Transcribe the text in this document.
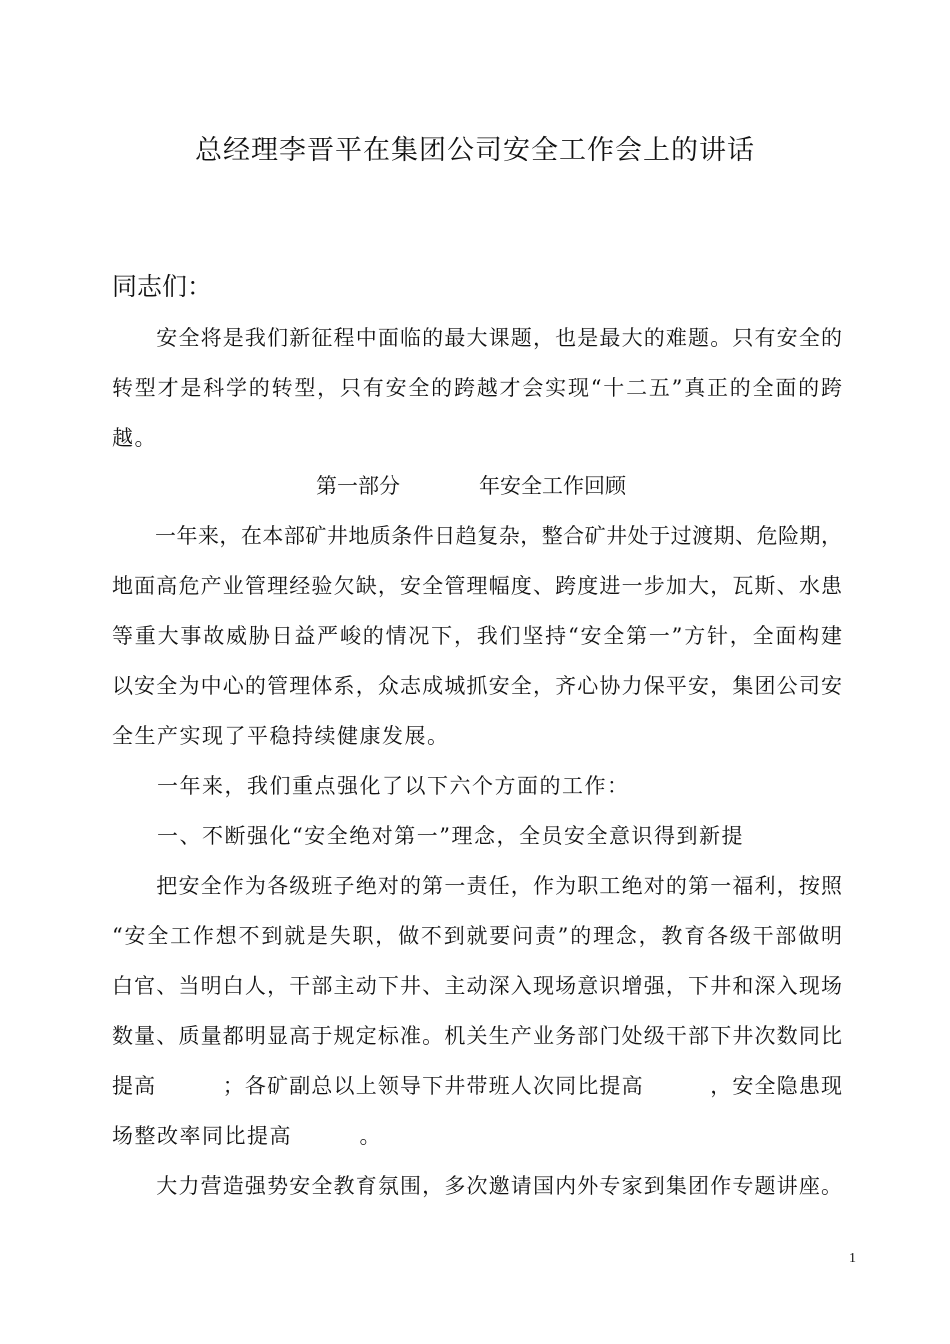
总经理李晋平在集团公司安全工作会上的讲话
同志们：
　　安全将是我们新征程中面临的最大课题，也是最大的难题。只有安全的
转型才是科学的转型，只有安全的跨越才会实现“十二五”真正的全面的跨
越。
第一部分	年安全工作回顾
　　一年来，在本部矿井地质条件日趋复杂，整合矿井处于过渡期、危险期，
地面高危产业管理经验欠缺，安全管理幅度、跨度进一步加大，瓦斯、水患
等重大事故威胁日益严峻的情况下，我们坚持“安全第一”方针，全面构建
以安全为中心的管理体系，众志成城抓安全，齐心协力保平安，集团公司安
全生产实现了平稳持续健康发展。
　　一年来，我们重点强化了以下六个方面的工作：
　　一、不断强化“安全绝对第一”理念，全员安全意识得到新提
　　把安全作为各级班子绝对的第一责任，作为职工绝对的第一福利，按照
“安全工作想不到就是失职，做不到就要问责”的理念，教育各级干部做明
白官、当明白人，干部主动下井、主动深入现场意识增强，下井和深入现场
数量、质量都明显高于规定标准。机关生产业务部门处级干部下井次数同比
提高　　　；各矿副总以上领导下井带班人次同比提高　　　，安全隐患现
场整改率同比提高　　　。
　　大力营造强势安全教育氛围，多次邀请国内外专家到集团作专题讲座。
1
